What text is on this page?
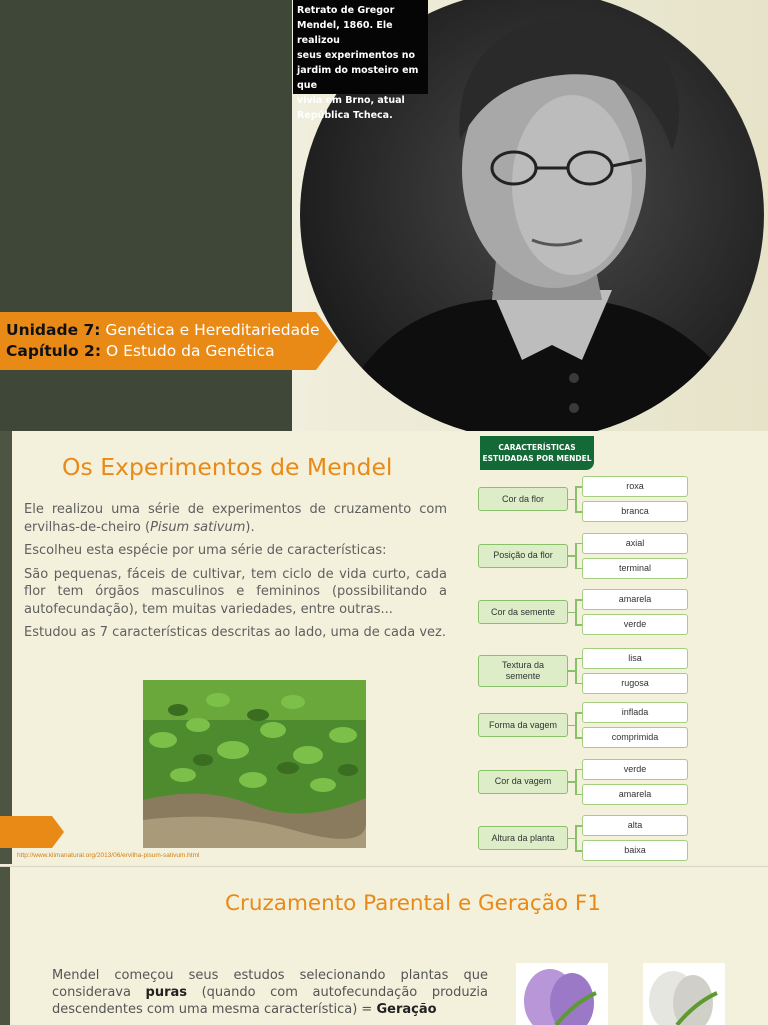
Retrato de Gregor
Mendel, 1860. Ele realizou
seus experimentos no
jardim do mosteiro em que
vivia em Brno, atual
República Tcheca.
Unidade 7: Genética e Hereditariedade
Capítulo 2: O Estudo da Genética
Os Experimentos de Mendel

Ele realizou uma série de experimentos de cruzamento com ervilhas-de-cheiro (Pisum sativum).

Escolheu esta espécie por uma série de características:

São pequenas, fáceis de cultivar, tem ciclo de vida curto, cada flor tem órgãos masculinos e femininos (possibilitando a autofecundação), tem muitas variedades, entre outras...

Estudou as 7 características descritas ao lado, uma de cada vez.

http://www.klimanatural.org/2013/06/ervilha-pisum-sativum.html
CARACTERÍSTICAS
ESTUDADAS POR MENDEL
Cor da flor
roxa
branca
Posição da flor
axial
terminal
Cor da semente
amarela
verde
Textura da semente
lisa
rugosa
Forma da vagem
inflada
comprimida
Cor da vagem
verde
amarela
Altura da planta
alta
baixa
Cruzamento Parental e Geração F1
Mendel começou seus estudos selecionando plantas que considerava puras (quando com autofecundação produzia descendentes com uma mesma característica) = Geração
